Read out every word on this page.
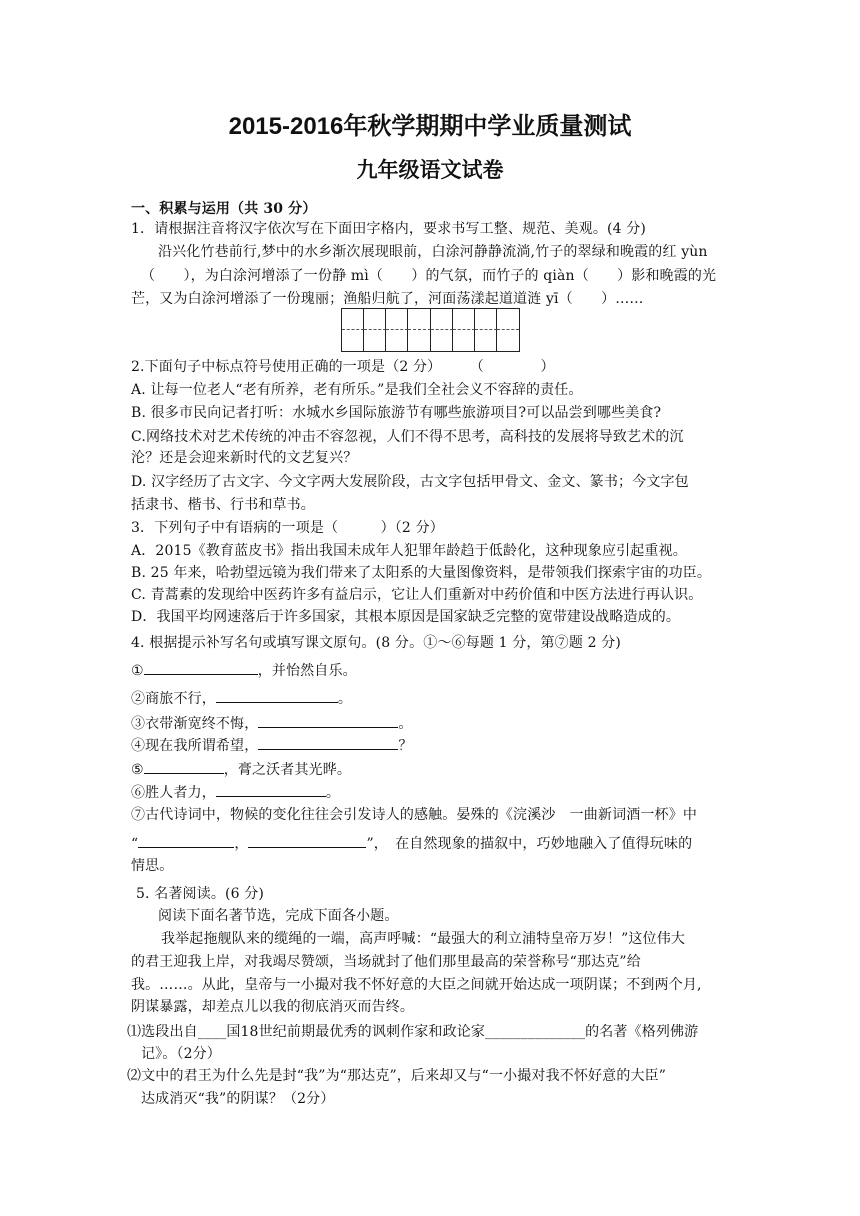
2015-2016年秋学期期中学业质量测试
九年级语文试卷
一、积累与运用（共 30 分）
1．请根据注音将汉字依次写在下面田字格内，要求书写工整、规范、美观。(4 分)
沿兴化竹巷前行,梦中的水乡渐次展现眼前，白涂河静静流淌,竹子的翠绿和晚霞的红 yùn
（　　），为白涂河增添了一份静 mì（　　）的气氛，而竹子的 qiàn（　　）影和晚霞的光
芒，又为白涂河增添了一份瑰丽；渔船归航了，河面荡漾起道道涟 yī（　　）……
2.下面句子中标点符号使用正确的一项是（2 分）　　　（　　　　）
A. 让每一位老人“老有所养，老有所乐。”是我们全社会义不容辞的责任。
B. 很多市民向记者打听：水城水乡国际旅游节有哪些旅游项目?可以品尝到哪些美食?
C.网络技术对艺术传统的冲击不容忽视，人们不得不思考，高科技的发展将导致艺术的沉
沦？还是会迎来新时代的文艺复兴？
D. 汉字经历了古文字、今文字两大发展阶段，古文字包括甲骨文、金文、篆书；今文字包
括隶书、楷书、行书和草书。
3．下列句子中有语病的一项是（　　　）（2 分）
A．2015《教育蓝皮书》指出我国未成年人犯罪年龄趋于低龄化，这种现象应引起重视。
B. 25 年来，哈勃望远镜为我们带来了太阳系的大量图像资料，是带领我们探索宇宙的功臣。
C. 青蒿素的发现给中医药许多有益启示，它让人们重新对中药价值和中医方法进行再认识。
D．我国平均网速落后于许多国家，其根本原因是国家缺乏完整的宽带建设战略造成的。
4. 根据提示补写名句或填写课文原句。(8 分。①～⑥每题 1 分，第⑦题 2 分)
①	，并怡然自乐。
②商旅不行，	。
③衣带渐宽终不悔，	。
④现在我所谓希望，	？
⑤	，膏之沃者其光晔。
⑥胜人者力，	。
⑦古代诗词中，物候的变化往往会引发诗人的感触。晏殊的《浣溪沙　一曲新词酒一杯》中
“	，	”，　在自然现象的描叙中，巧妙地融入了值得玩味的
情思。
5. 名著阅读。(6 分)
阅读下面名著节选，完成下面各小题。
我举起拖舰队来的缆绳的一端，高声呼喊：“最强大的利立浦特皇帝万岁！”这位伟大
的君王迎我上岸，对我竭尽赞颂，当场就封了他们那里最高的荣誉称号“那达克”给
我。……。从此，皇帝与一小撮对我不怀好意的大臣之间就开始达成一项阴谋；不到两个月,
阴谋暴露，却差点儿以我的彻底消灭而告终。
⑴选段出自____国18世纪前期最优秀的讽刺作家和政论家______________的名著《格列佛游
记》。（2分）
⑵文中的君王为什么先是封“我”为“那达克”，后来却又与“一小撮对我不怀好意的大臣”
达成消灭“我”的阴谋？（2分）
